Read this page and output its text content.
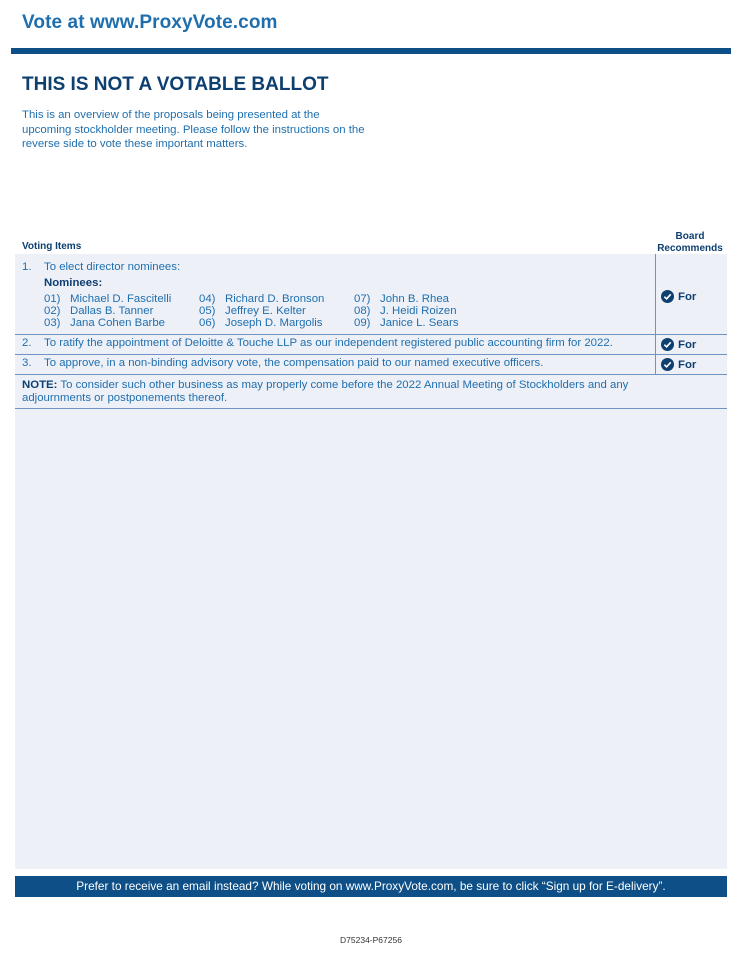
Vote at www.ProxyVote.com
THIS IS NOT A VOTABLE BALLOT
This is an overview of the proposals being presented at the upcoming stockholder meeting. Please follow the instructions on the reverse side to vote these important matters.
Voting Items
Board
Recommends
1. To elect director nominees:
Nominees:
01) Michael D. Fascitelli
02) Dallas B. Tanner
03) Jana Cohen Barbe
04) Richard D. Bronson
05) Jeffrey E. Kelter
06) Joseph D. Margolis
07) John B. Rhea
08) J. Heidi Roizen
09) Janice L. Sears
For
2. To ratify the appointment of Deloitte & Touche LLP as our independent registered public accounting firm for 2022.	For
3. To approve, in a non-binding advisory vote, the compensation paid to our named executive officers.	For
NOTE: To consider such other business as may properly come before the 2022 Annual Meeting of Stockholders and any adjournments or postponements thereof.
Prefer to receive an email instead? While voting on www.ProxyVote.com, be sure to click “Sign up for E-delivery”.
D75234-P67256
